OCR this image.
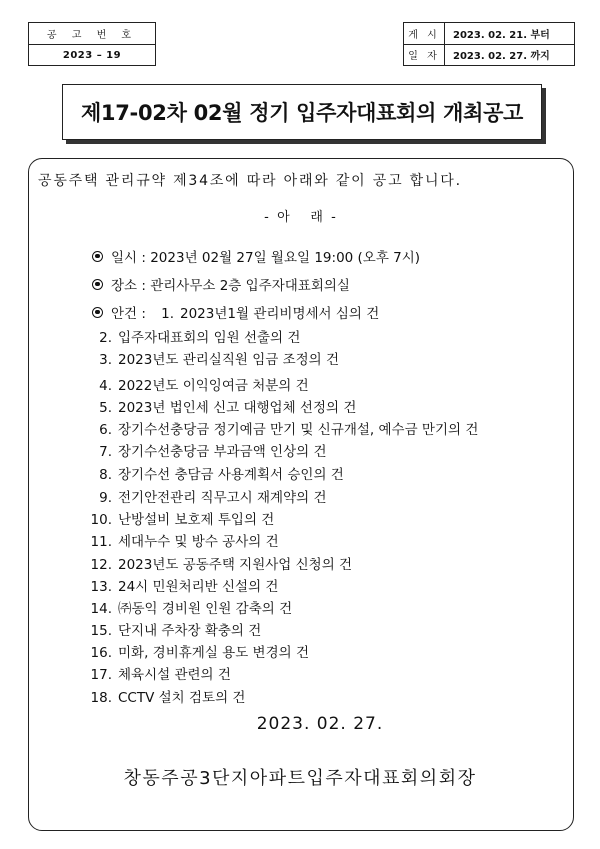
공 고 번 호
2023 – 19
게 시
일 자
2023. 02. 21. 부터
2023. 02. 27. 까지
제17-02차 02월 정기 입주자대표회의 개최공고
공동주택 관리규약 제34조에 따라 아래와 같이 공고 합니다.
-  아     래  -
일시 : 2023년 02월 27일 월요일 19:00 (오후 7시)
장소 : 관리사무소 2층 입주자대표회의실
안건 :	1. 2023년1월 관리비명세서 심의 건
2. 입주자대표회의 임원 선출의 건
3. 2023년도 관리실직원 임금 조정의 건
4. 2022년도 이익잉여금 처분의 건
5. 2023년 법인세 신고 대행업체 선정의 건
6. 장기수선충당금 정기예금 만기 및 신규개설, 예수금 만기의 건
7. 장기수선충당금 부과금액 인상의 건
8. 장기수선 충담금 사용계획서 승인의 건
9. 전기안전관리 직무고시 재계약의 건
10. 난방설비 보호제 투입의 건
11. 세대누수 및 방수 공사의 건
12. 2023년도 공동주택 지원사업 신청의 건
13. 24시 민원처리반 신설의 건
14. ㈜동익 경비원 인원 감축의 건
15. 단지내 주차장 확충의 건
16. 미화, 경비휴게실 용도 변경의 건
17. 체육시설 관련의 건
18. CCTV 설치 검토의 건
2023. 02. 27.
창동주공3단지아파트입주자대표회의회장
